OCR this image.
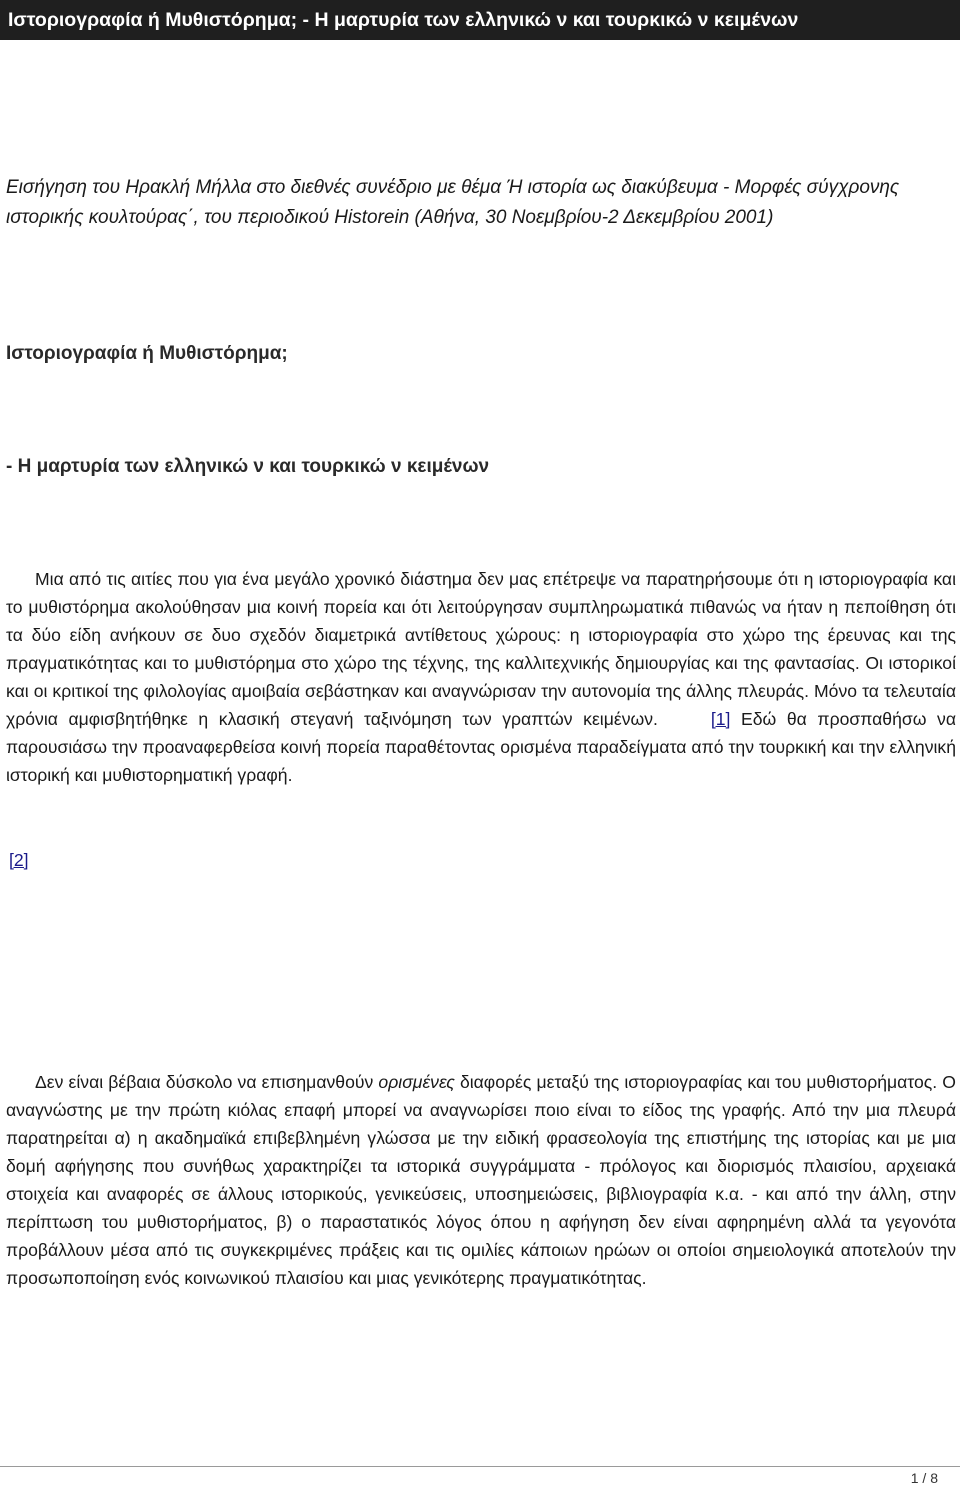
Ιστοριογραφία ή Μυθιστόρημα; - Η μαρτυρία των ελληνικώ ν και τουρκικώ ν κειμένων
Εισήγηση του Ηρακλή Μήλλα στο διεθνές συνέδριο με θέμα Ή ιστορία ως διακύβευμα - Μορφές σύγχρονης ιστορικής κουλτούρας΄, του περιοδικού Historein (Αθήνα, 30 Νοεμβρίου-2 Δεκεμβρίου 2001)
Ιστοριογραφία ή Μυθιστόρημα;
- Η μαρτυρία των ελληνικώ ν και τουρκικώ ν κειμένων
Μια από τις αιτίες που για ένα μεγάλο χρονικό διάστημα δεν μας επέτρεψε να παρατηρήσουμε ότι η ιστοριογραφία και το μυθιστόρημα ακολούθησαν μια κοινή πορεία και ότι λειτούργησαν συμπληρωματικά πιθανώς να ήταν η πεποίθηση ότι τα δύο είδη ανήκουν σε δυο σχεδόν διαμετρικά αντίθετους χώρους: η ιστοριογραφία στο χώρο της έρευνας και της πραγματικότητας και το μυθιστόρημα στο χώρο της τέχνης, της καλλιτεχνικής δημιουργίας και της φαντασίας. Οι ιστορικοί και οι κριτικοί της φιλολογίας αμοιβαία σεβάστηκαν και αναγνώρισαν την αυτονομία της άλλης πλευράς. Μόνο τα τελευταία χρόνια αμφισβητήθηκε η κλασική στεγανή ταξινόμηση των γραπτών κειμένων.	[1] Εδώ θα προσπαθήσω να παρουσιάσω την προαναφερθείσα κοινή πορεία παραθέτοντας ορισμένα παραδείγματα από την τουρκική και την ελληνική ιστορική και μυθιστορηματική γραφή.
[2]
Δεν είναι βέβαια δύσκολο να επισημανθούν ορισμένες διαφορές μεταξύ της ιστοριογραφίας και του μυθιστορήματος. Ο αναγνώστης με την πρώτη κιόλας επαφή μπορεί να αναγνωρίσει ποιο είναι το είδος της γραφής. Από την μια πλευρά παρατηρείται α) η ακαδημαϊκά επιβεβλημένη γλώσσα με την ειδική φρασεολογία της επιστήμης της ιστορίας και με μια δομή αφήγησης που συνήθως χαρακτηρίζει τα ιστορικά συγγράμματα - πρόλογος και διορισμός πλαισίου, αρχειακά στοιχεία και αναφορές σε άλλους ιστορικούς, γενικεύσεις, υποσημειώσεις, βιβλιογραφία κ.α. - και από την άλλη, στην περίπτωση του μυθιστορήματος, β) ο παραστατικός λόγος όπου η αφήγηση δεν είναι αφηρημένη αλλά τα γεγονότα προβάλλουν μέσα από τις συγκεκριμένες πράξεις και τις ομιλίες κάποιων ηρώων οι οποίοι σημειολογικά αποτελούν την προσωποποίηση ενός κοινωνικού πλαισίου και μιας γενικότερης πραγματικότητας.
1 / 8
